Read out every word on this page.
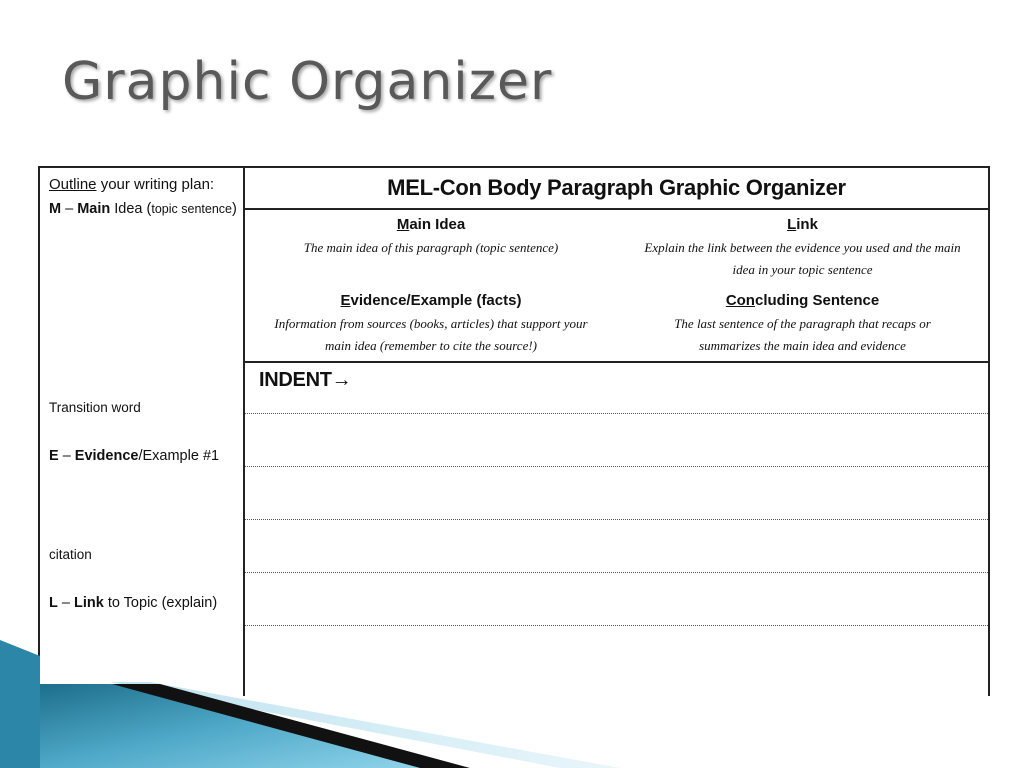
Graphic Organizer
Outline your writing plan:
M – Main Idea (topic sentence)
Transition word
E – Evidence/Example #1
citation
L – Link to Topic (explain)
MEL-Con Body Paragraph Graphic Organizer
Main Idea
The main idea of this paragraph (topic sentence)
Link
Explain the link between the evidence you used and the main
idea in your topic sentence
Evidence/Example (facts)
Information from sources (books, articles) that support your
main idea (remember to cite the source!)
Concluding Sentence
The last sentence of the paragraph that recaps or
summarizes the main idea and evidence
INDENT→
